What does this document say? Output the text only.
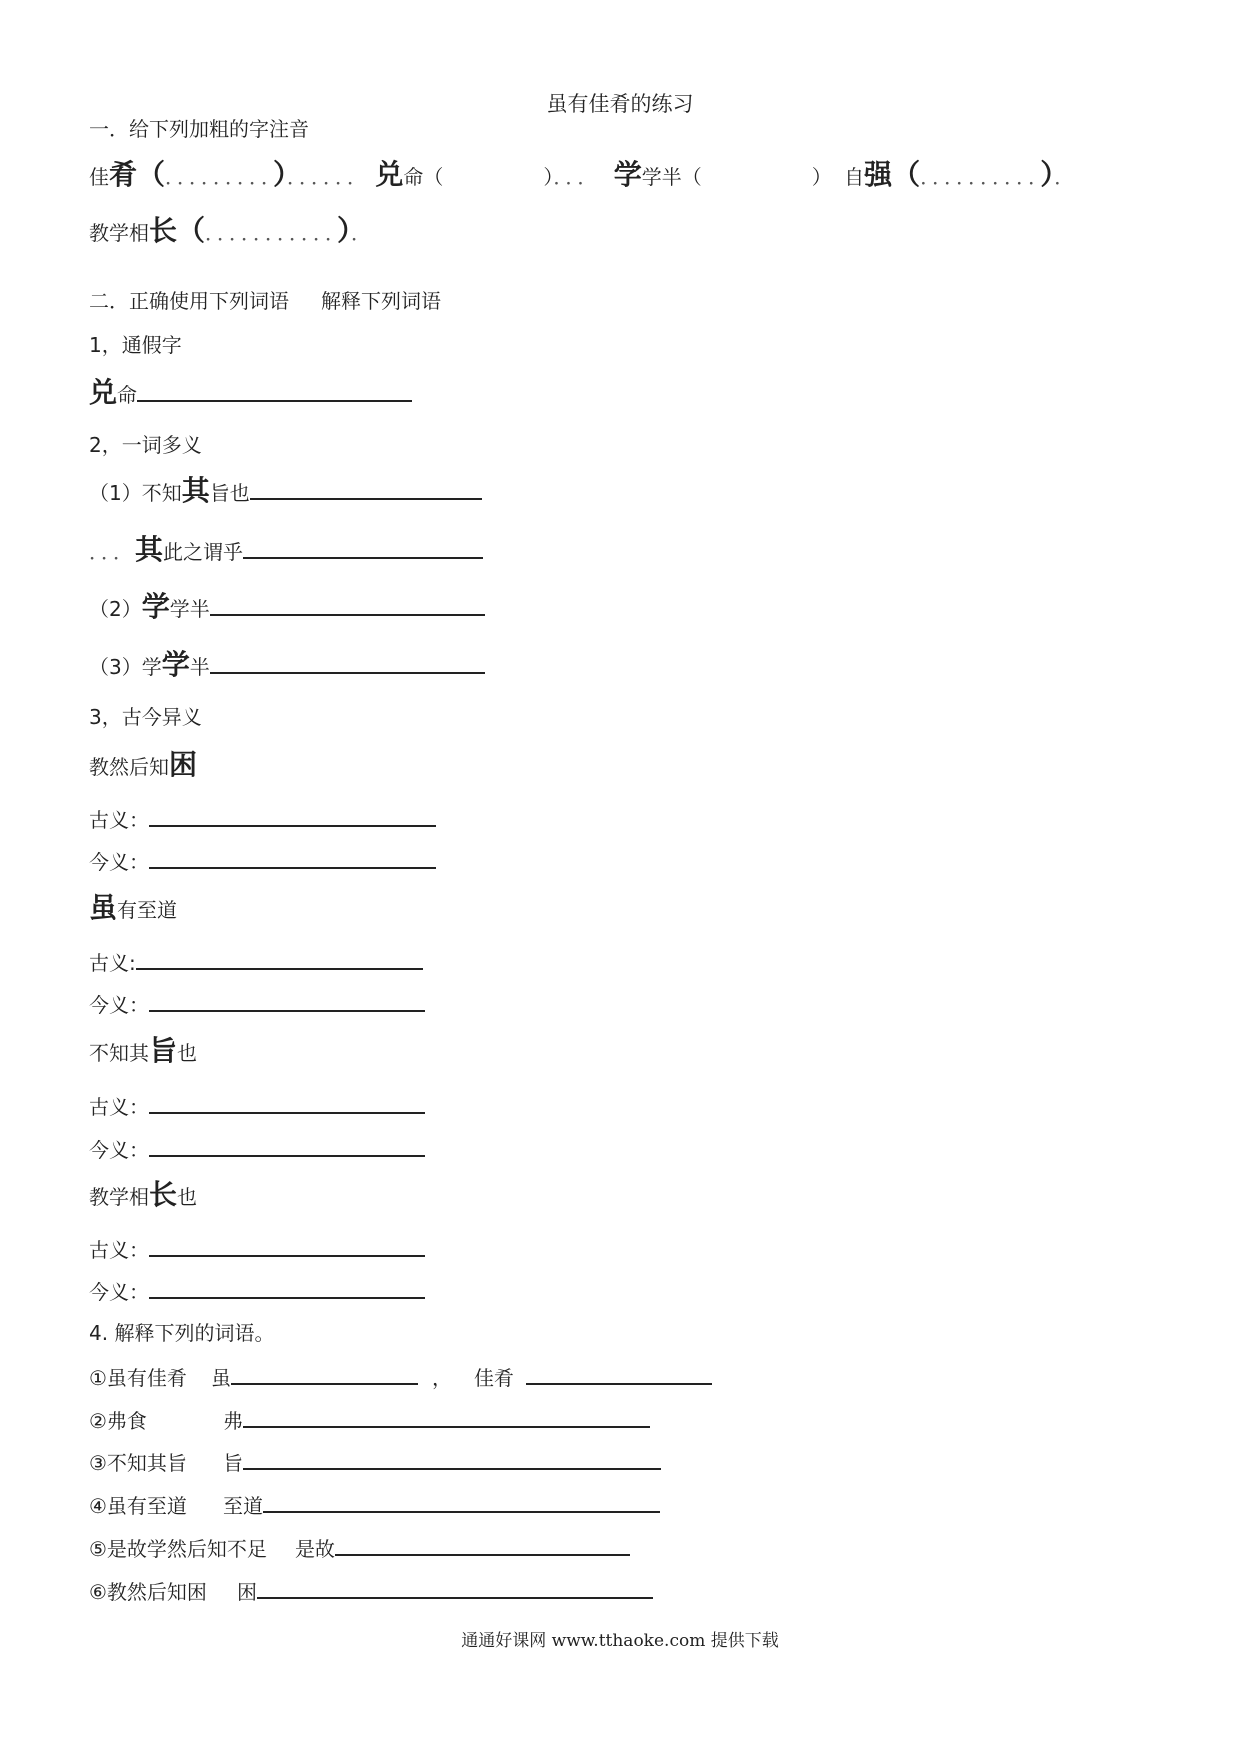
虽有佳肴的练习
一．给下列加粗的字注音
佳肴（．．．．．．．．．）．．．．．． 兑命（	）．．． 学学半（	） 自强（．．．．．．．．．．）．
教学相长（．．．．．．．．．．．）．
二．正确使用下列词语 解释下列词语
1，通假字
兑命
2，一词多义
（1）不知其旨也
．．．其此之谓乎
（2）学学半
（3）学学半
3，古今异义
教然后知困
古义：
今义：
虽有至道
古义:
今义：
不知其旨也
古义：
今义：
教学相长也
古义：
今义：
4. 解释下列的词语。
①虽有佳肴 虽	， 佳肴
②弗食	弗
③不知其旨 旨
④虽有至道 至道
⑤是故学然后知不足 是故
⑥教然后知困 困
通通好课网 www.tthaoke.com 提供下载
